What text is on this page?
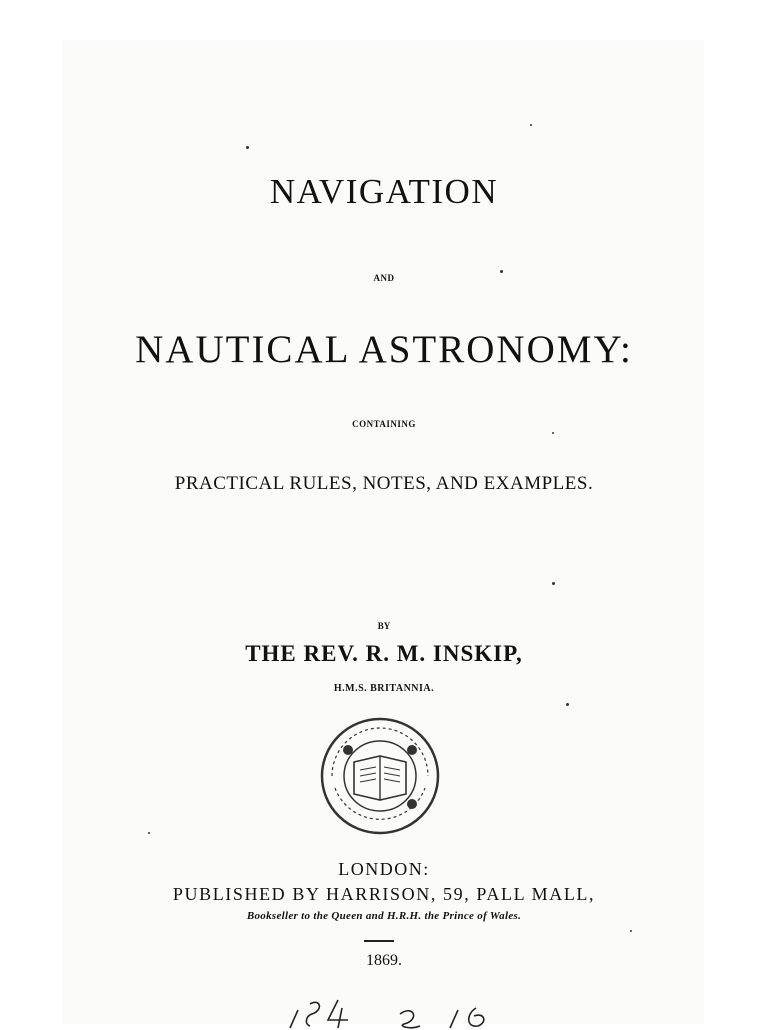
NAVIGATION

AND

NAUTICAL ASTRONOMY:

CONTAINING

PRACTICAL RULES, NOTES, AND EXAMPLES.

BY

THE REV. R. M. INSKIP,

H.M.S. BRITANNIA.

LONDON:

PUBLISHED BY HARRISON, 59, PALL MALL,

Bookseller to the Queen and H.R.H. the Prince of Wales.

1869.
